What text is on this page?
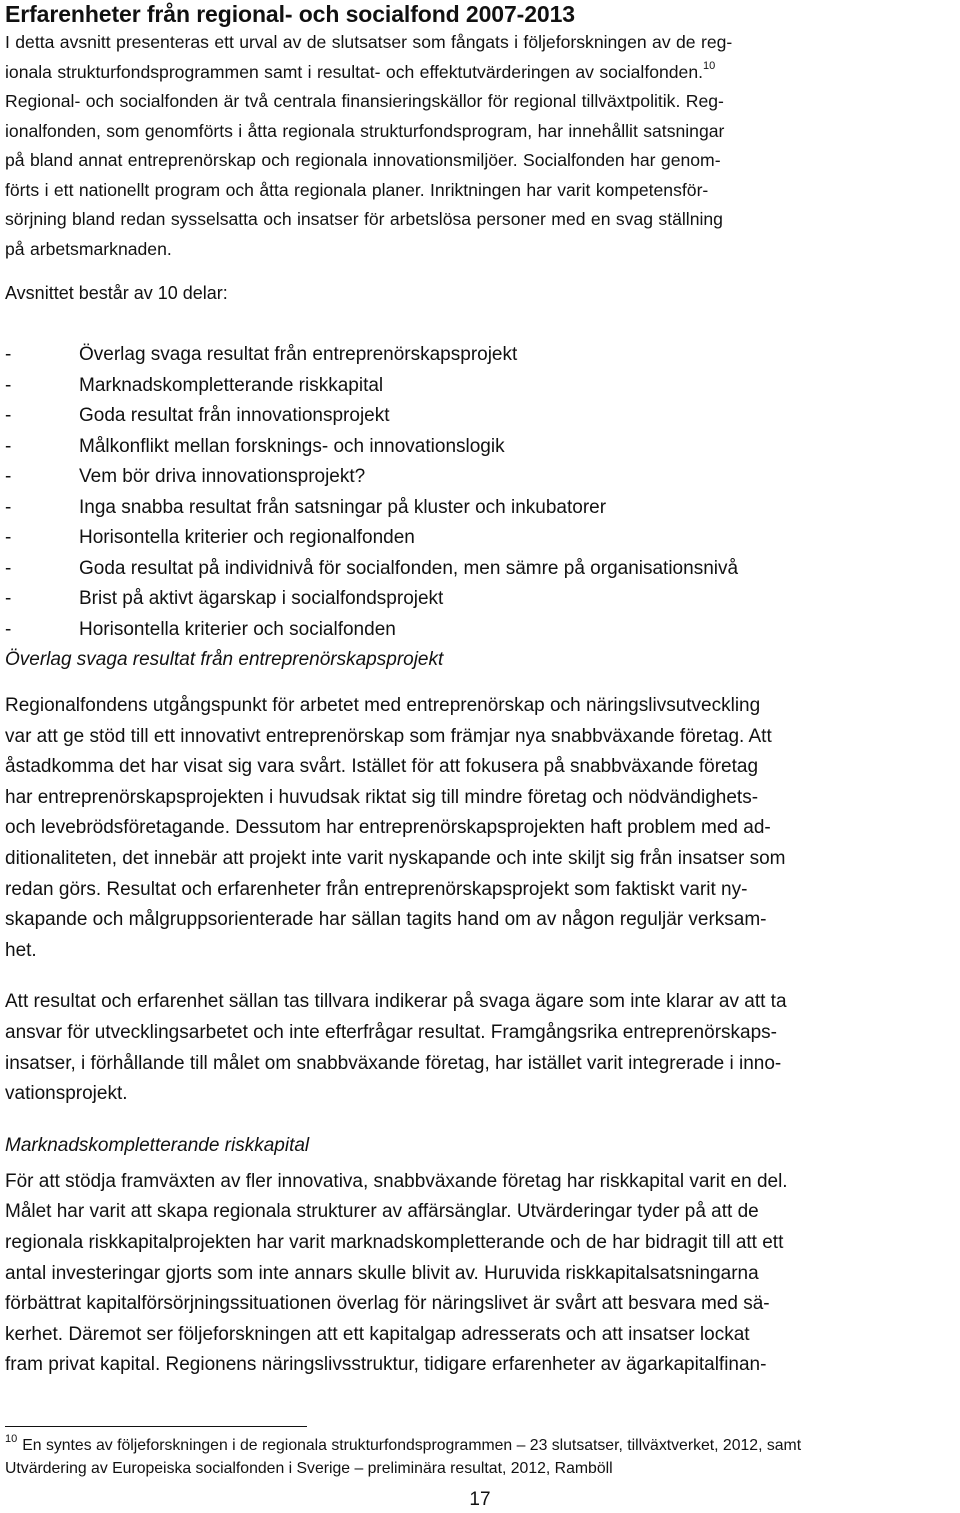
Erfarenheter från regional- och socialfond 2007-2013

I detta avsnitt presenteras ett urval av de slutsatser som fångats i följeforskningen av de reg-
ionala strukturfondsprogrammen samt i resultat- och effektutvärderingen av socialfonden.$^{10}$
Regional- och socialfonden är två centrala finansieringskällor för regional tillväxtpolitik. Reg-
ionalfonden, som genomförts i åtta regionala strukturfondsprogram, har innehållit satsningar
på bland annat entreprenörskap och regionala innovationsmiljöer. Socialfonden har genom-
förts i ett nationellt program och åtta regionala planer. Inriktningen har varit kompetensför-
sörjning bland redan sysselsatta och insatser för arbetslösa personer med en svag ställning
på arbetsmarknaden.

Avsnittet består av 10 delar:

-	Överlag svaga resultat från entreprenörskapsprojekt
-	Marknadskompletterande riskkapital
-	Goda resultat från innovationsprojekt
-	Målkonflikt mellan forsknings- och innovationslogik
-	Vem bör driva innovationsprojekt?
-	Inga snabba resultat från satsningar på kluster och inkubatorer
-	Horisontella kriterier och regionalfonden
-	Goda resultat på individnivå för socialfonden, men sämre på organisationsnivå
-	Brist på aktivt ägarskap i socialfondsprojekt
-	Horisontella kriterier och socialfonden

Överlag svaga resultat från entreprenörskapsprojekt

Regionalfondens utgångspunkt för arbetet med entreprenörskap och näringslivsutveckling
var att ge stöd till ett innovativt entreprenörskap som främjar nya snabbväxande företag. Att
åstadkomma det har visat sig vara svårt. Istället för att fokusera på snabbväxande företag
har entreprenörskapsprojekten i huvudsak riktat sig till mindre företag och nödvändighets-
och levebrödsföretagande. Dessutom har entreprenörskapsprojekten haft problem med ad-
ditionaliteten, det innebär att projekt inte varit nyskapande och inte skiljt sig från insatser som
redan görs. Resultat och erfarenheter från entreprenörskapsprojekt som faktiskt varit ny-
skapande och målgruppsorienterade har sällan tagits hand om av någon reguljär verksam-
het.

Att resultat och erfarenhet sällan tas tillvara indikerar på svaga ägare som inte klarar av att ta
ansvar för utvecklingsarbetet och inte efterfrågar resultat. Framgångsrika entreprenörskaps-
insatser, i förhållande till målet om snabbväxande företag, har istället varit integrerade i inno-
vationsprojekt.

Marknadskompletterande riskkapital

För att stödja framväxten av fler innovativa, snabbväxande företag har riskkapital varit en del.
Målet har varit att skapa regionala strukturer av affärsänglar. Utvärderingar tyder på att de
regionala riskkapitalprojekten har varit marknadskompletterande och de har bidragit till att ett
antal investeringar gjorts som inte annars skulle blivit av. Huruvida riskkapitalsatsningarna
förbättrat kapitalförsörjningssituationen överlag för näringslivet är svårt att besvara med sä-
kerhet. Däremot ser följeforskningen att ett kapitalgap adresserats och att insatser lockat
fram privat kapital. Regionens näringslivsstruktur, tidigare erfarenheter av ägarkapitalfinan-

$^{10}$ En syntes av följeforskningen i de regionala strukturfondsprogrammen – 23 slutsatser, tillväxtverket, 2012, samt
Utvärdering av Europeiska socialfonden i Sverige – preliminära resultat, 2012, Ramböll

17
